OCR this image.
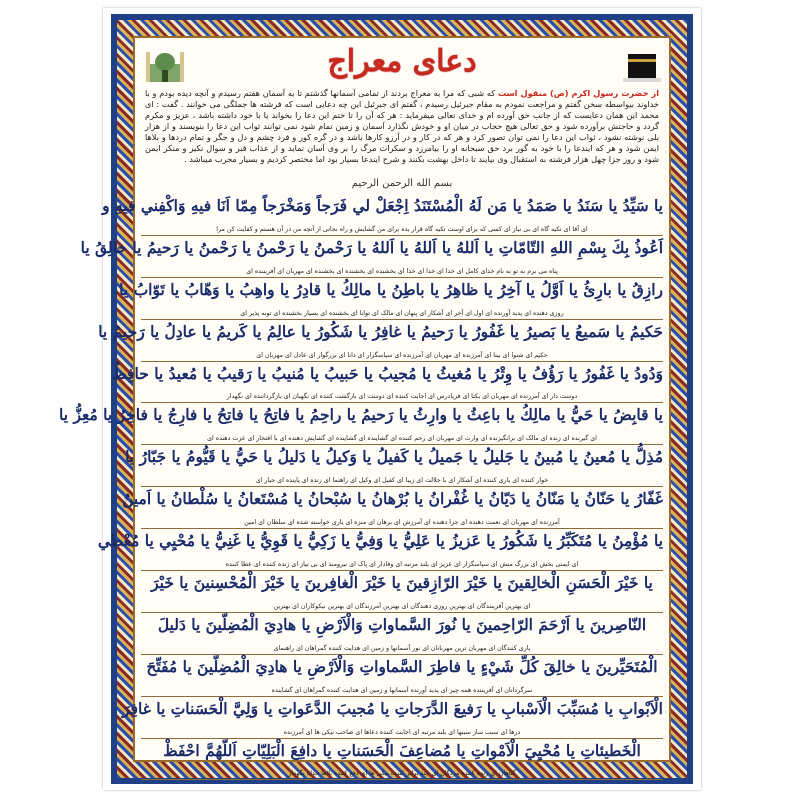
دعای معراج
از حضرت رسول اکرم (ص) منقول است که شبی که مرا به معراج بردند از تمامی آسمانها گذشتم تا به آسمان هفتم رسیدم و آنچه دیده بودم و با خداوند بیواسطه سخن گفتم و مراجعت نمودم به مقام جبرئیل رسیدم ، گفتم ای جبرئیل این چه دعایی است که فرشته ها جملگی می خوانند . گفت : ای محمد این همان دعایست که از جانب حق آورده ام و خدای تعالی میفرماید : هر که آن را تا ختم این دعا را بخواند یا با خود داشته باشد ، عزیز و مکرم گردد و حاجتش برآورده شود و حق تعالی هیچ حجاب در میان او و خودش نگذارد آسمان و زمین تمام شود نمی توانند ثواب این دعا را بنویسند و از هزار بلی نوشته نشود ، ثواب این دعا را نمی توان تصور کرد و هر که در کار و در آرزو کارها باشد و در گره کور و فرد چشم و دل و جگر و تمام دردها و بلاها ایمن شود و هر که ایندعا را با خود به گور برد حق سبحانه او را بیامرزد و سکرات مرگ را بر وی آسان نماید و از عذاب قبر و سوال نکیر و منکر ایمن شود و روز جزا چهل هزار فرشته به استقبال وی بیایند تا داخل بهشت بکنند و شرح ایندعا بسیار بود اما مختصر کردیم و بسیار مجرب میباشد .
بسم الله الرحمن الرحیم
يا سَيِّدُ يا سَنَدُ يا صَمَدُ يا مَن لَهُ الْمُسْتَنَدُ اِجْعَلْ لي فَرَجاً وَمَخْرَجاً مِمّا اَنَا فيهِ وَاكْفِني فيهِ و
ای آقا ای تکیه گاه ای بی نیاز ای کسی که برای اوست تکیه گاه قرار بده برای من گشایش و راه نجاتی از آنچه من در آن هستم و کفایت کن مرا
اَعُوذُ بِكَ بِسْمِ اللهِ التّامّاتِ يا اَللهُ يا اَللهُ يا اَللهُ يا رَحْمنُ يا رَحْمنُ يا رَحْمنُ يا رَحيمُ يا خالِقُ يا
پناه می برم به تو به نام خدای کامل ای خدا ای خدا ای خدا ای بخشنده ای بخشنده ای بخشنده ای مهربان ای آفریننده ای
رازِقُ يا بارِئُ يا اَوَّلُ يا آخِرُ يا ظاهِرُ يا باطِنُ يا مالِكُ يا قادِرُ يا واهِبُ يا وَهّابُ يا تَوّابُ يا
روزی دهنده ای پدید آورنده ای اول ای آخر ای آشکار ای پنهان ای مالک ای توانا ای بخشنده ای بسیار بخشنده ای توبه پذیر ای
حَكيمُ يا سَميعُ يا بَصيرُ يا غَفُورُ يا رَحيمُ يا غافِرُ يا شَكُورُ يا عالِمُ يا كَريمُ يا عادِلُ يا رَحيمُ يا
حکیم ای شنوا ای بینا ای آمرزنده ای مهربان ای آمرزنده ای سپاسگزار ای دانا ای بزرگوار ای عادل ای مهربان ای
وَدُودُ يا غَفُورُ يا رَؤُفُ يا وِتْرُ يا مُغيثُ يا مُجيبُ يا حَبيبُ يا مُنيبُ يا رَقيبُ يا مُعيدُ يا حافِظُ
دوست دار ای آمرزنده ای مهربان ای یکتا ای فریادرس ای اجابت کننده ای دوست ای بازگشت کننده ای نگهبان ای بازگرداننده ای نگهدار
يا قابِضُ يا حَيُّ يا مالِكُ يا باعِثُ يا وارِثُ يا رَحيمُ يا راحِمُ يا فاتِحُ يا فاتِحُ يا فارِجُ يا فاخِرُ يا مُعِزُّ يا
ای گیرنده ای زنده ای مالک ای برانگیزنده ای وارث ای مهربان ای رحم کننده ای گشاینده ای گشاینده ای گشایش دهنده ای با افتخار ای عزت دهنده ای
مُذِلُّ يا مُعينُ يا مُبينُ يا جَليلُ يا جَميلُ يا كَفيلُ يا وَكيلُ يا دَليلُ يا حَيُّ يا قَيُّومُ يا جَبّارُ يا
خوار کننده ای یاری کننده ای آشکار ای با جلالت ای زیبا ای کفیل ای وکیل ای راهنما ای زنده ای پاینده ای جبار ای
غَفّارُ يا حَنّانُ يا مَنّانُ يا دَيّانُ يا غُفْرانُ يا بُرْهانُ يا سُبْحانُ يا مُسْتَعانُ يا سُلْطانُ يا اَمينُ
آمرزنده ای مهربان ای نعمت دهنده ای جزا دهنده ای آمرزش ای برهان ای منزه ای یاری خواسته شده ای سلطان ای امین
يا مُؤْمِنُ يا مُتَكَبِّرُ يا شَكُورُ يا عَزيزُ يا عَلِيُّ يا وَفِيُّ يا زَكِيُّ يا قَوِيُّ يا غَنِيُّ يا مُحْيِي يا مُعْطي
ای ایمنی بخش ای بزرگ منش ای سپاسگزار ای عزیز ای بلند مرتبه ای وفادار ای پاک ای نیرومند ای بی نیاز ای زنده کننده ای عطا کننده
يا خَيْرَ الْحَسَنِ الْخالِقينَ يا خَيْرَ الرّازِقينَ يا خَيْرَ الْغافِرينَ يا خَيْرَ الْمُحْسِنينَ يا خَيْرَ
ای بهترین آفرینندگان ای بهترین روزی دهندگان ای بهترین آمرزندگان ای بهترین نیکوکاران ای بهترین
النّاصِرينَ يا اَرْحَمَ الرّاحِمينَ يا نُورَ السَّماواتِ وَالْاَرْضِ يا هادِيَ الْمُضِلّينَ يا دَليلَ
یاری کنندگان ای مهربان ترین مهربانان ای نور آسمانها و زمین ای هدایت کننده گمراهان ای راهنمای
الْمُتَحَيِّرينَ يا خالِقَ كُلِّ شَيْءٍ يا فاطِرَ السَّماواتِ وَالْاَرْضِ يا هادِيَ الْمُضِلّينَ يا مُفَتِّحَ
سرگردانان ای آفریننده همه چیز ای پدید آورنده آسمانها و زمین ای هدایت کننده گمراهان ای گشاینده
الْاَبْوابِ يا مُسَبِّبَ الْاَسْبابِ يا رَفيعَ الدَّرَجاتِ يا مُجيبَ الدَّعَواتِ يا وَلِيَّ الْحَسَناتِ يا غافِرَ
درها ای سبب ساز سببها ای بلند مرتبه ای اجابت کننده دعاها ای صاحب نیکی ها ای آمرزنده
الْخَطيئاتِ يا مُحْيِيَ الْاَمْواتِ يا مُضاعِفَ الْحَسَناتِ يا دافِعَ الْبَلِيّاتِ اَللّهُمَّ احْفَظْ
گناهان ای زنده کننده مردگان ای چند برابر کننده نیکی ها ای دفع کننده بلاها خدایا نگهدار
